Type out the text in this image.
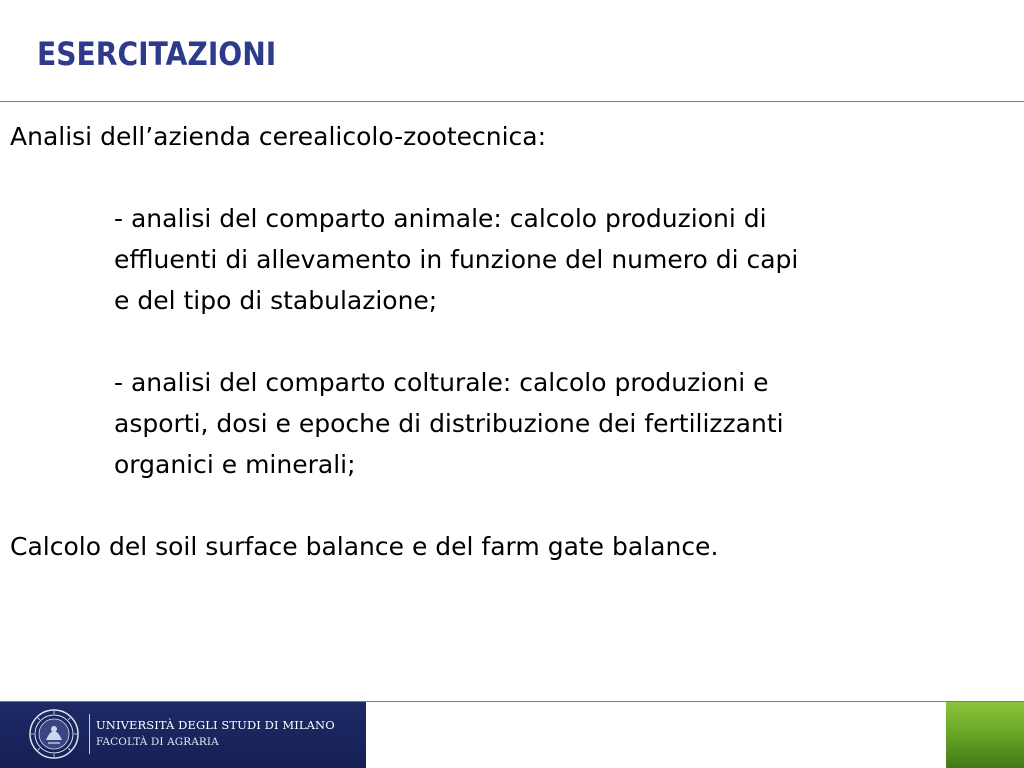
ESERCITAZIONI
Analisi dell’azienda cerealicolo-zootecnica:
- analisi del comparto animale: calcolo produzioni di
effluenti di allevamento in funzione del numero di capi
e del tipo di stabulazione;
- analisi del comparto colturale: calcolo produzioni e
asporti, dosi e epoche di distribuzione dei fertilizzanti
organici e minerali;
Calcolo del soil surface balance e del farm gate balance.
UNIVERSITÀ DEGLI STUDI DI MILANO
FACOLTÀ DI AGRARIA
